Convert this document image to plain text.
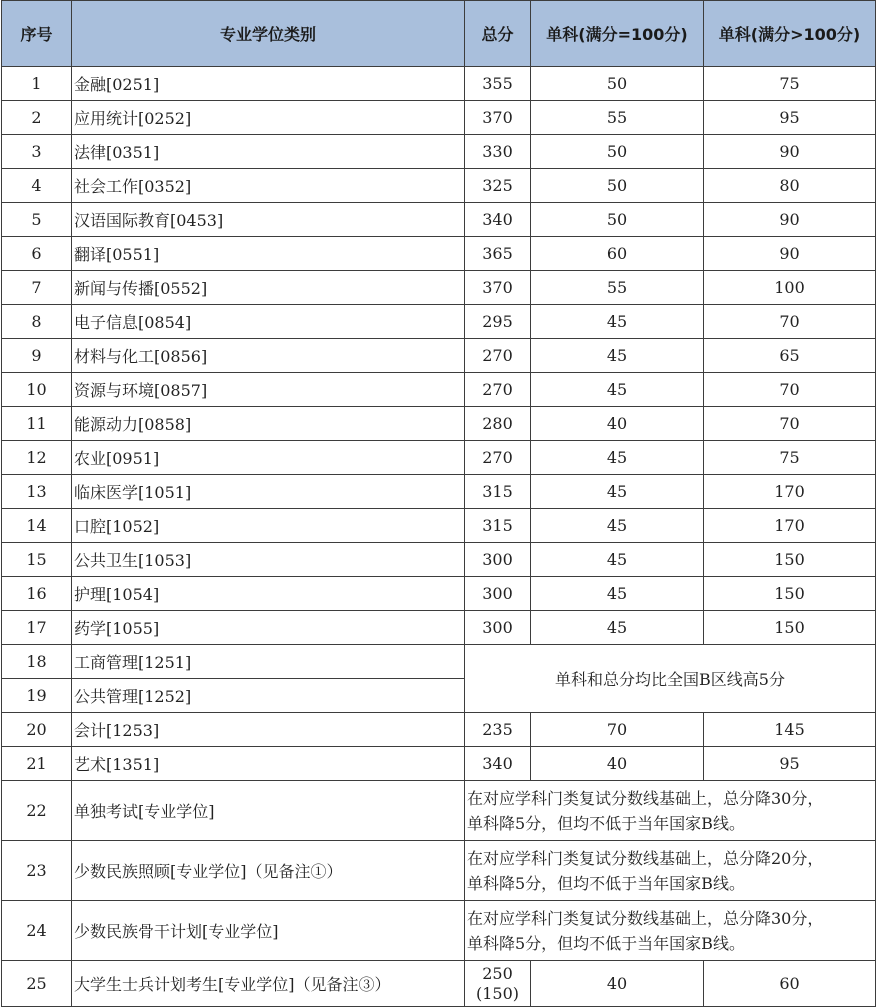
序号	专业学位类别	总分	单科(满分=100分)	单科(满分>100分)
1	金融[0251]	355	50	75
2	应用统计[0252]	370	55	95
3	法律[0351]	330	50	90
4	社会工作[0352]	325	50	80
5	汉语国际教育[0453]	340	50	90
6	翻译[0551]	365	60	90
7	新闻与传播[0552]	370	55	100
8	电子信息[0854]	295	45	70
9	材料与化工[0856]	270	45	65
10	资源与环境[0857]	270	45	70
11	能源动力[0858]	280	40	70
12	农业[0951]	270	45	75
13	临床医学[1051]	315	45	170
14	口腔[1052]	315	45	170
15	公共卫生[1053]	300	45	150
16	护理[1054]	300	45	150
17	药学[1055]	300	45	150
18	工商管理[1251]	单科和总分均比全国B区线高5分		
19	公共管理[1252]			
20	会计[1253]	235	70	145
21	艺术[1351]	340	40	95
22	单独考试[专业学位]	在对应学科门类复试分数线基础上，总分降30分，
单科降5分，但均不低于当年国家B线。		

23	少数民族照顾[专业学位]（见备注①）	在对应学科门类复试分数线基础上，总分降20分，
单科降5分，但均不低于当年国家B线。		

24	少数民族骨干计划[专业学位]	在对应学科门类复试分数线基础上，总分降30分，
单科降5分，但均不低于当年国家B线。		

25	大学生士兵计划考生[专业学位]（见备注③）	250
(150)	40	60
